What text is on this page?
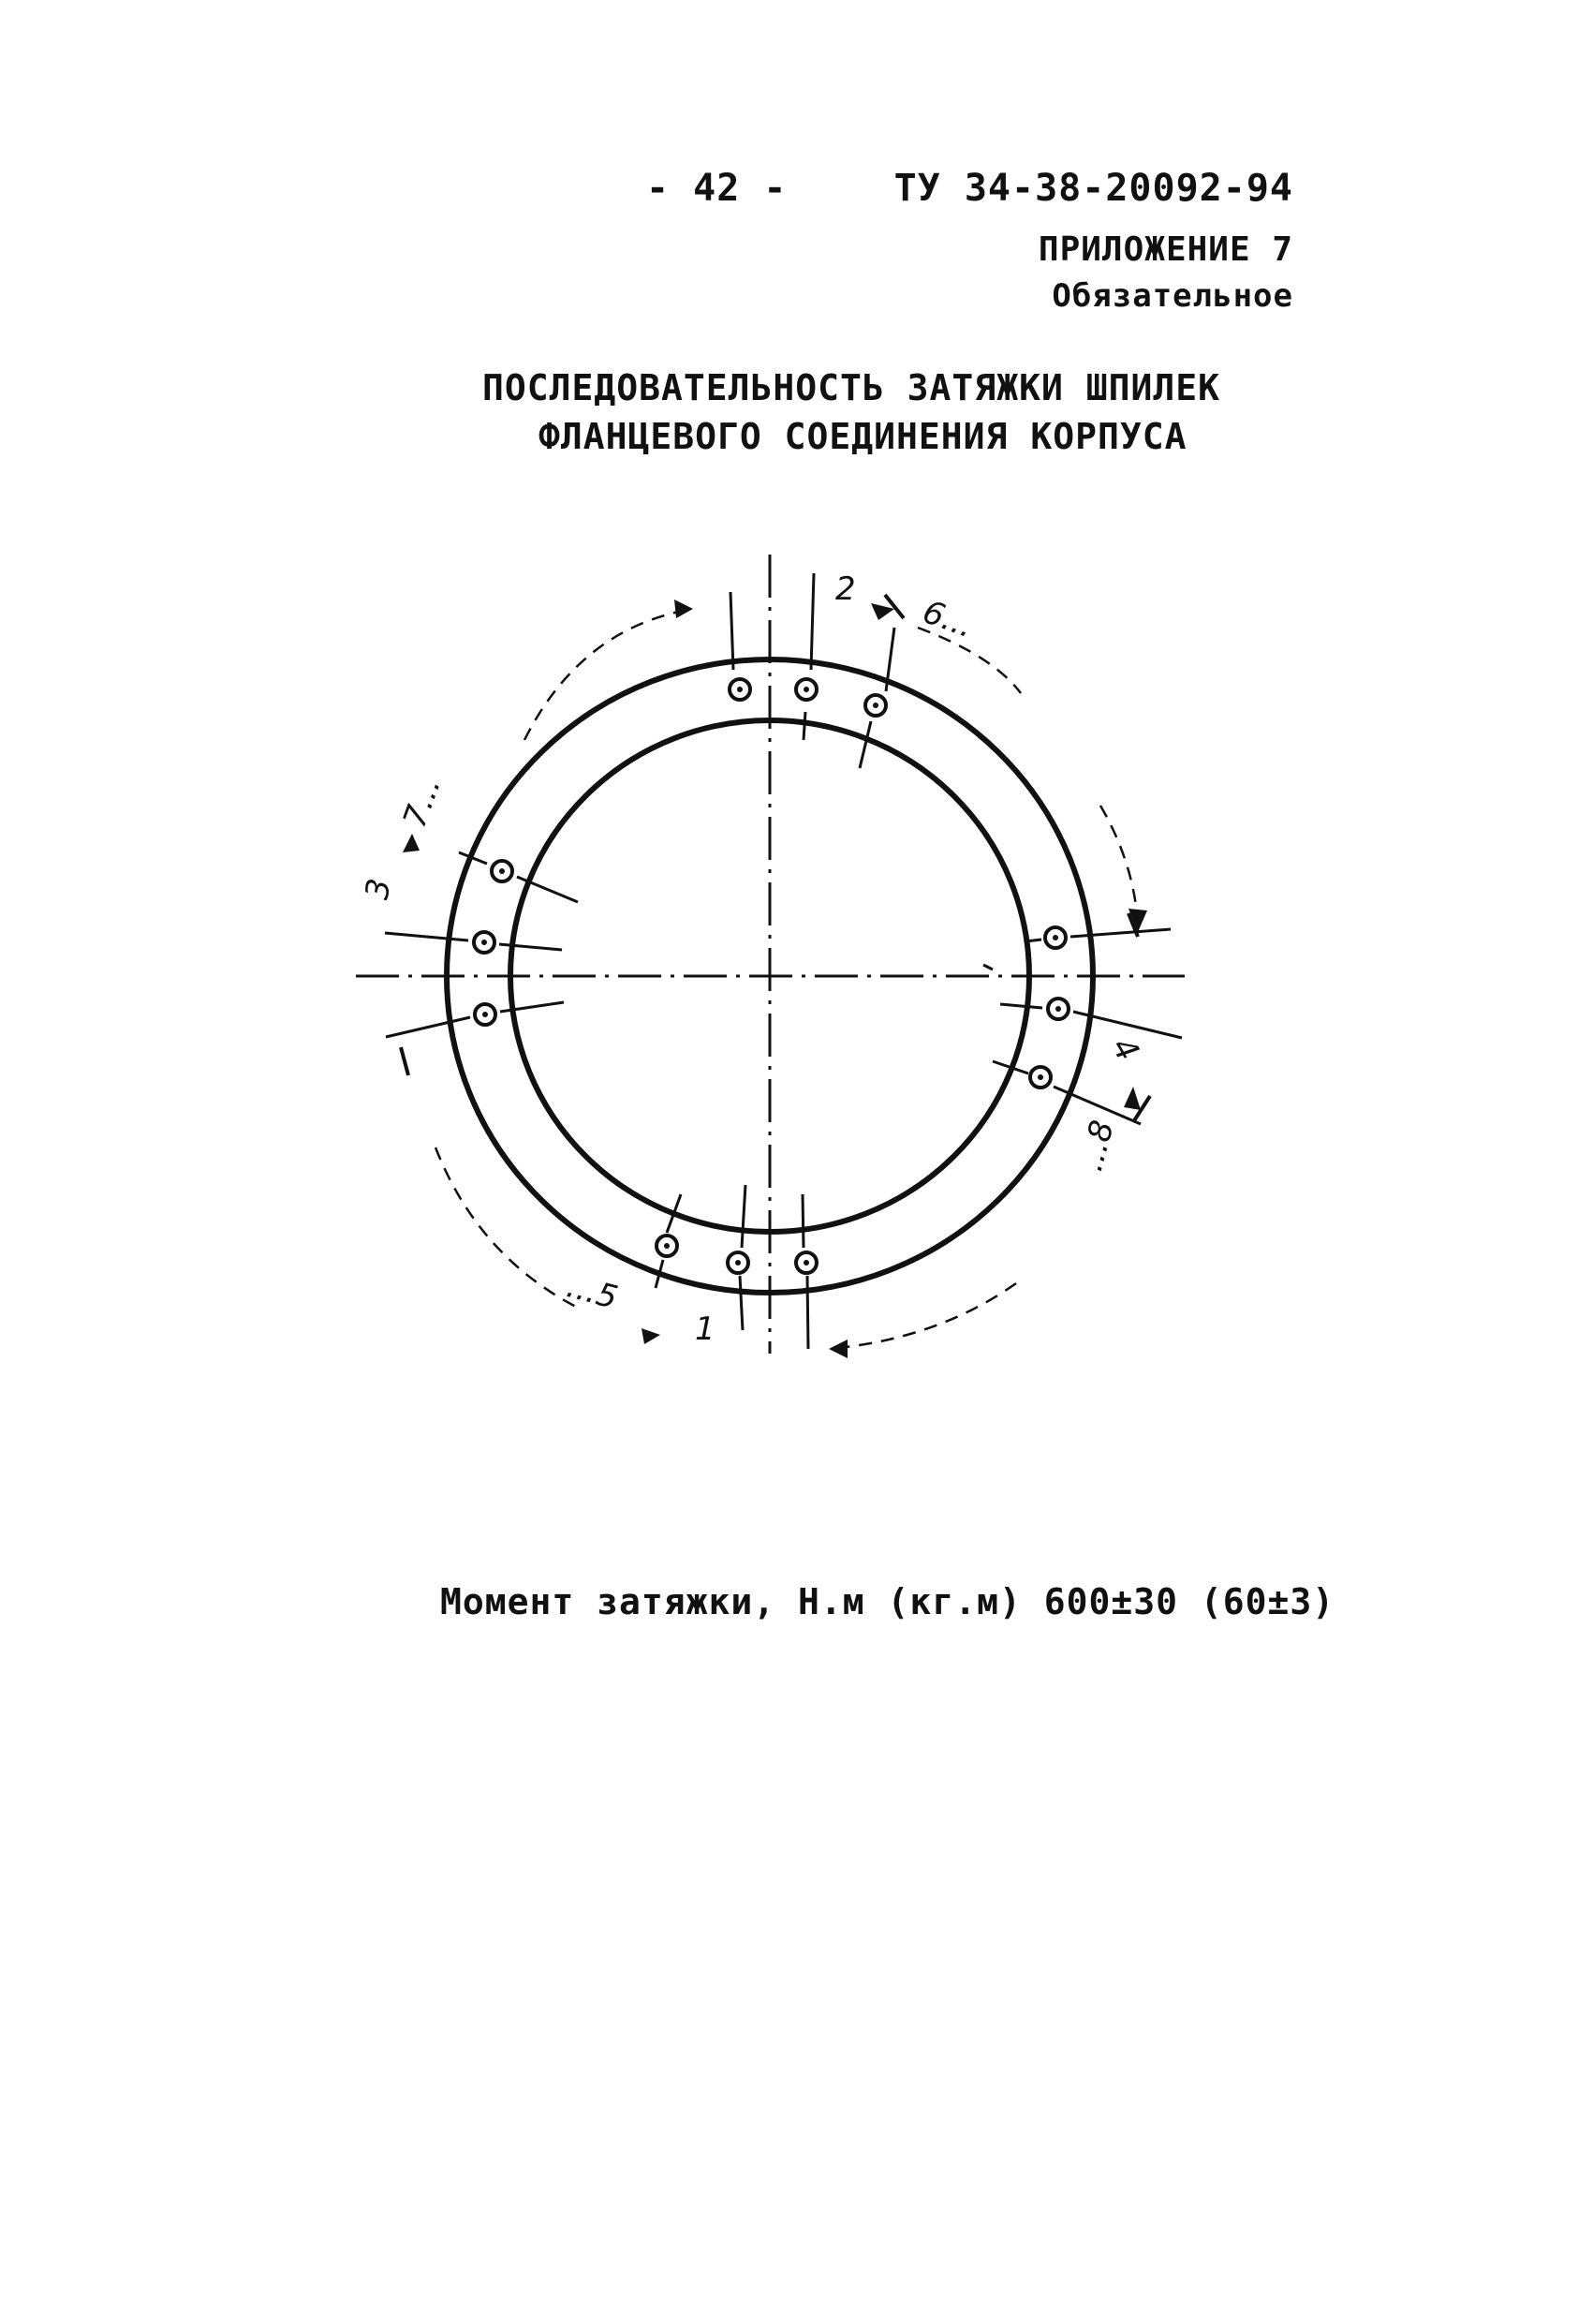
- 42 -	ТУ 34-38-20092-94
ПРИЛОЖЕНИЕ 7
Обязательное
ПОСЛЕДОВАТЕЛЬНОСТЬ ЗАТЯЖКИ ШПИЛЕК
ФЛАНЦЕВОГО СОЕДИНЕНИЯ КОРПУСА
1
2
3
4
...5
6...
7...
...8
Момент затяжки, Н.м (кг.м) 600±30 (60±3)
